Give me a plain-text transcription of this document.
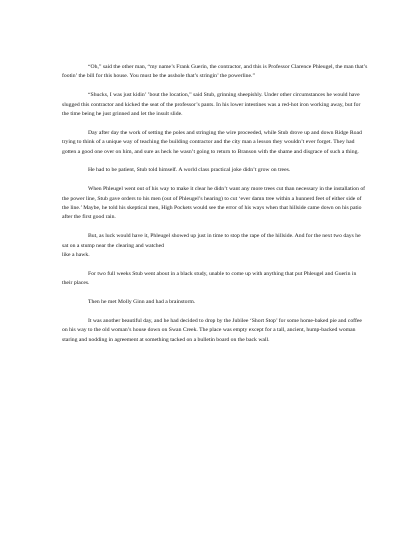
“Oh,” said the other man, “my name’s Frank Guerin, the contractor, and this is Professor Clarence Phleugel, the man that’s footin’ the bill for this house. You must be the asshole that’s stringin’ the powerline.”

“Shucks, I was just kidin’ ’bout the location,” said Stub, grinning sheepishly. Under other circumstances he would have slugged this contractor and kicked the seat of the professor’s pants. In his lower intestines was a red-hot iron working away, but for the time being he just grinned and let the insult slide.

Day after day the work of setting the poles and stringing the wire proceeded, while Stub drove up and down Ridge Road trying to think of a unique way of teaching the building contractor and the city man a lesson they wouldn’t ever forget. They had gotten a good one over on him, and sure as heck he wasn’t going to return to Branson with the shame and disgrace of such a thing.

He had to be patient, Stub told himself. A world class practical joke didn’t grow on trees.

When Phleugel went out of his way to make it clear he didn’t want any more trees cut than necessary in the installation of the power line, Stub gave orders to his men (out of Phleugel’s hearing) to cut ‘ever damn tree within a hunnerd feet of either side of the line.’ Maybe, he told his skeptical men, High Pockets would see the error of his ways when that hillside came down on his patio after the first good rain.

But, as luck would have it, Phleugel showed up just in time to stop the rape of the hillside. And for the next two days he sat on a stump near the clearing and watched

like a hawk.

For two full weeks Stub went about in a black study, unable to come up with anything that put Phleugel and Guerin in their places.

Then he met Molly Ginn and had a brainstorm.

It was another beautiful day, and he had decided to drop by the Jubilee ‘Short Stop’ for some home-baked pie and coffee on his way to the old woman’s house down on Swan Creek. The place was empty except for a tall, ancient, hump-backed woman staring and nodding in agreement at something tacked on a bulletin board on the back wall.
